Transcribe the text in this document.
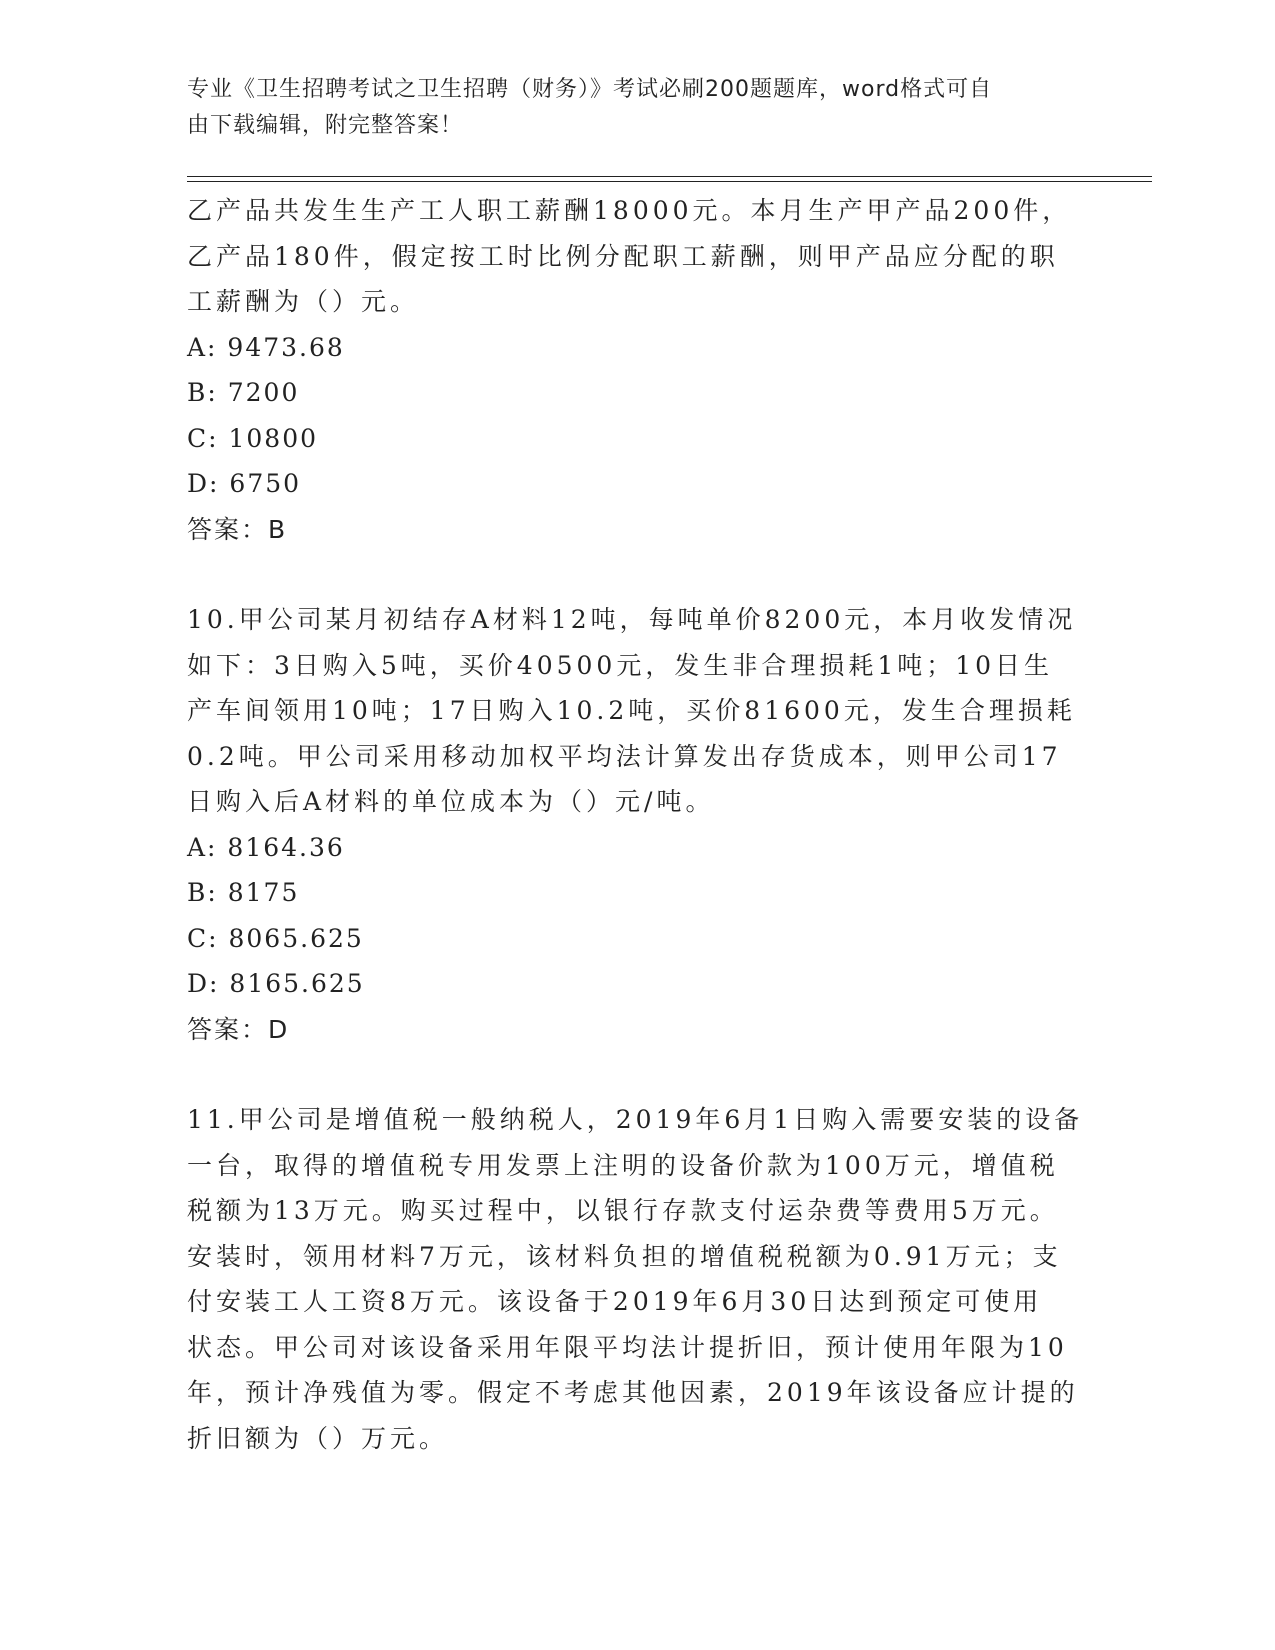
专业《卫生招聘考试之卫生招聘（财务）》考试必刷200题题库，word格式可自
由下载编辑，附完整答案！
乙产品共发生生产工人职工薪酬18000元。本月生产甲产品200件，
乙产品180件，假定按工时比例分配职工薪酬，则甲产品应分配的职
工薪酬为（）元。
A: 9473.68
B: 7200
C: 10800
D: 6750
答案：B
10.甲公司某月初结存A材料12吨，每吨单价8200元，本月收发情况
如下：3日购入5吨，买价40500元，发生非合理损耗1吨；10日生
产车间领用10吨；17日购入10.2吨，买价81600元，发生合理损耗
0.2吨。甲公司采用移动加权平均法计算发出存货成本，则甲公司17
日购入后A材料的单位成本为（）元/吨。
A: 8164.36
B: 8175
C: 8065.625
D: 8165.625
答案：D
11.甲公司是增值税一般纳税人，2019年6月1日购入需要安装的设备
一台，取得的增值税专用发票上注明的设备价款为100万元，增值税
税额为13万元。购买过程中，以银行存款支付运杂费等费用5万元。
安装时，领用材料7万元，该材料负担的增值税税额为0.91万元；支
付安装工人工资8万元。该设备于2019年6月30日达到预定可使用
状态。甲公司对该设备采用年限平均法计提折旧，预计使用年限为10
年，预计净残值为零。假定不考虑其他因素，2019年该设备应计提的
折旧额为（）万元。
